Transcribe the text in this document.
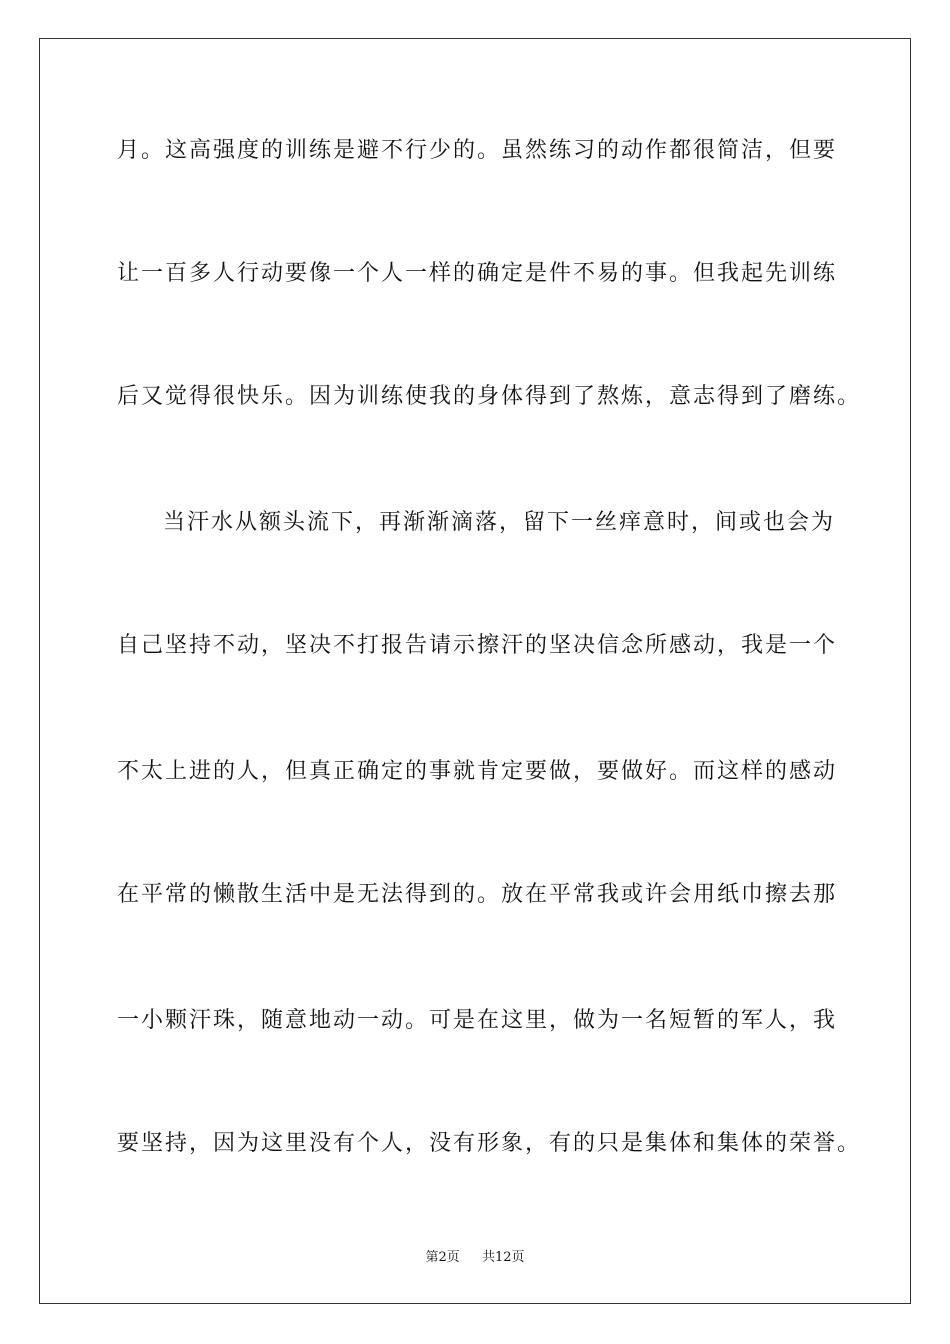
月。这高强度的训练是避不行少的。虽然练习的动作都很简洁，但要

让一百多人行动要像一个人一样的确定是件不易的事。但我起先训练

后又觉得很快乐。因为训练使我的身体得到了熬炼，意志得到了磨练。

当汗水从额头流下，再渐渐滴落，留下一丝痒意时，间或也会为

自己坚持不动，坚决不打报告请示擦汗的坚决信念所感动，我是一个

不太上进的人，但真正确定的事就肯定要做，要做好。而这样的感动

在平常的懒散生活中是无法得到的。放在平常我或许会用纸巾擦去那

一小颗汗珠，随意地动一动。可是在这里，做为一名短暂的军人，我

要坚持，因为这里没有个人，没有形象，有的只是集体和集体的荣誉。

第2页 共12页
